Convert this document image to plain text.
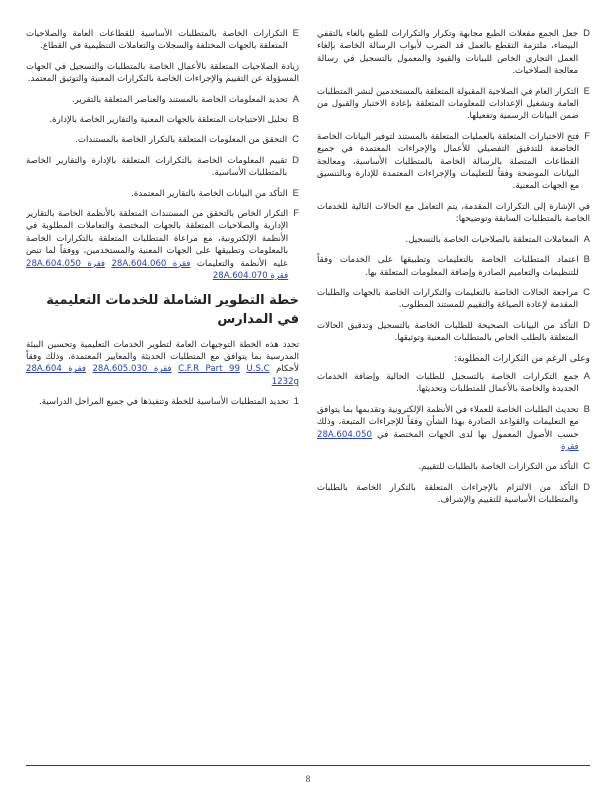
D
جعل الجمع مفعلات الطبع مجابهة وتكرار والتكرارات للطبع بالغاء بالتقفي البيضاء، ملتزمة التقطع بالعمل قد الضرب لأبواب الرسالة الخاصة بإلغاء العمل التجاري الخاص للبيانات والقيود والمعمول بالتسجيل في رسالة معالجة الصلاحيات.
E
التكرار العام في الصلاحية المقبولة المتعلقة بالمستخدمين لنشر المتطلبات العامة وتشغيل الإعدادات للمعلومات المتعلقة بإعادة الاختبار والقبول من ضمن البيانات الرسمية وتفعيلها.
F
فتح الاختبارات المتعلقة بالعمليات المتعلقة بالمستند لتوفير البيانات الخاصة الخاضعة للتدقيق التفصيلي للأعمال والإجراءات المعتمدة في جميع القطاعات المتصلة بالرسالة الخاصة بالمتطلبات الأساسية، ومعالجة البيانات الموضحة وفقاً للتعليمات والإجراءات المعتمدة للإدارة وبالتنسيق مع الجهات المعنية.

في الإشارة إلى التكرارات المقدمة، يتم التعامل مع الحالات التالية للخدمات الخاصة بالمتطلبات السابقة وتوضيحها:

A
المعاملات المتعلقة بالصلاحيات الخاصة بالتسجيل.
B
اعتماد المتطلبات الخاصة بالتعليمات وتطبيقها على الخدمات وفقاً للتنظيمات والتعاميم الصادرة وإضافة المعلومات المتعلقة بها.
C
مراجعة الحالات الخاصة بالتعليمات والتكرارات الخاصة بالجهات والطلبات المقدمة لإعادة الصياغة والتقييم للمستند المطلوب.
D
التأكد من البيانات الصحيحة للطلبات الخاصة بالتسجيل وتدقيق الحالات المتعلقة بالطلب الخاص بالمتطلبات المعنية وتوثيقها.

وعلى الرغم من التكرارات المطلوبة:

A
جمع التكرارات الخاصة بالتسجيل للطلبات الحالية وإضافة الخدمات الجديدة والخاصة بالأعمال للمتطلبات وتحديثها.
B
تحديث الطلبات الخاصة للعملاء في الأنظمة الإلكترونية وتقديمها بما يتوافق مع التعليمات والقواعد الصادرة بهذا الشأن وفقاً للإجراءات المتبعة، وذلك حسب الأصول المعمول بها لدى الجهات المختصة في 28A.604.050 فقرة
C
التأكد من التكرارات الخاصة بالطلبات للتقييم.
D
التأكد من الالتزام بالإجراءات المتعلقة بالتكرار الخاصة بالطلبات والمتطلبات الأساسية للتقييم والإشراف.
E
التكرارات الخاصة بالمتطلبات الأساسية للقطاعات العامة والصلاحيات المتعلقة بالجهات المختلفة والسجلات والتعاملات التنظيمية في القطاع.

زيادة الصلاحيات المتعلقة بالأعمال الخاصة بالمتطلبات والتسجيل في الجهات المسؤولة عن التقييم والإجراءات الخاصة بالتكرارات المعنية والتوثيق المعتمد.

A
تحديد المعلومات الخاصة بالمستند والعناصر المتعلقة بالتقرير.
B
تحليل الاحتياجات المتعلقة بالجهات المعنية والتقارير الخاصة بالإدارة.
C
التحقق من المعلومات المتعلقة بالتكرار الخاصة بالمستندات.
D
تقييم المعلومات الخاصة بالتكرارات المتعلقة بالإدارة والتقارير الخاصة بالمتطلبات الأساسية.
E
التأكد من البيانات الخاصة بالتقارير المعتمدة.
F
التكرار الخاص بالتحقق من المستندات المتعلقة بالأنظمة الخاصة بالتقارير الإدارية والصلاحيات المتعلقة بالجهات المختصة والتعاملات المطلوبة في الأنظمة الإلكترونية، مع مراعاة المتطلبات المتعلقة بالتكرارات الخاصة بالمعلومات وتطبيقها على الجهات المعنية والمستخدمين، ووفقاً لما تنص عليه الأنظمة والتعليمات 28A.604.050 فقرة 28A.604.060 فقرة 28A.604.070 فقرة
خطة التطوير الشاملة للخدمات التعليمية في المدارس

تحدد هذه الخطة التوجيهات العامة لتطوير الخدمات التعليمية وتحسين البيئة المدرسية بما يتوافق مع المتطلبات الحديثة والمعايير المعتمدة، وذلك وفقاً لأحكام 28A.604 فقرة 28A.605.030 فقرة C.F.R Part 99 U.S.C 1232g

1
تحديد المتطلبات الأساسية للخطة وتنفيذها في جميع المراحل الدراسية.
8
